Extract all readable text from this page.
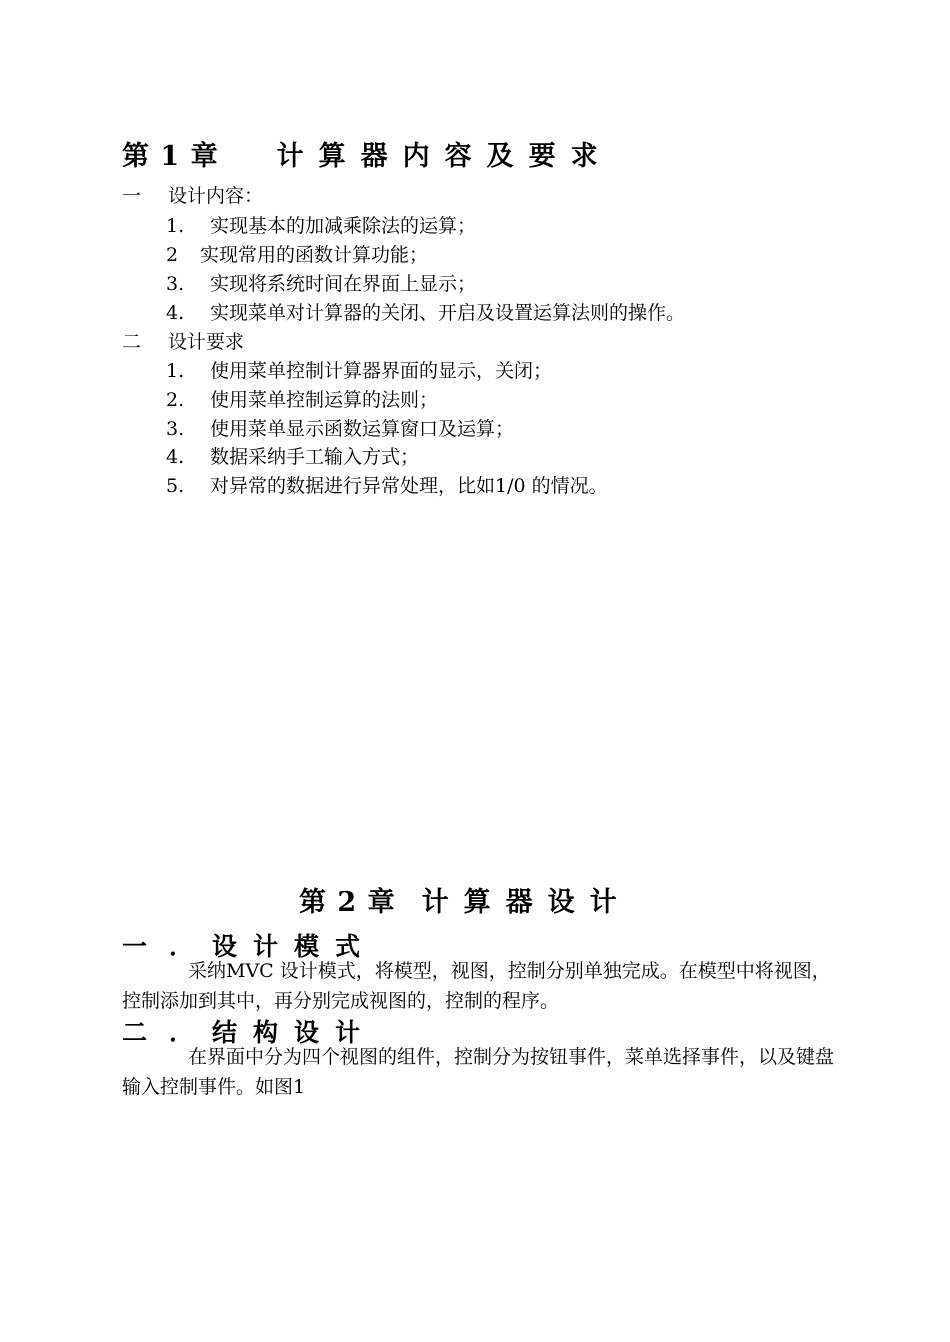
第 1 章 计算器内容及要求
一 设计内容：
1. 实现基本的加减乘除法的运算；
2 实现常用的函数计算功能；
3. 实现将系统时间在界面上显示；
4. 实现菜单对计算器的关闭、开启及设置运算法则的操作。
二 设计要求
1. 使用菜单控制计算器界面的显示，关闭；
2. 使用菜单控制运算的法则；
3. 使用菜单显示函数运算窗口及运算；
4. 数据采纳手工输入方式；
5. 对异常的数据进行异常处理，比如1/0 的情况。
第 2 章 计算器设计
一．设计模式
采纳MVC 设计模式，将模型，视图，控制分别单独完成。在模型中将视图，控制添加到其中，再分别完成视图的，控制的程序。
二．结构设计
在界面中分为四个视图的组件，控制分为按钮事件，菜单选择事件，以及键盘输入控制事件。如图1
